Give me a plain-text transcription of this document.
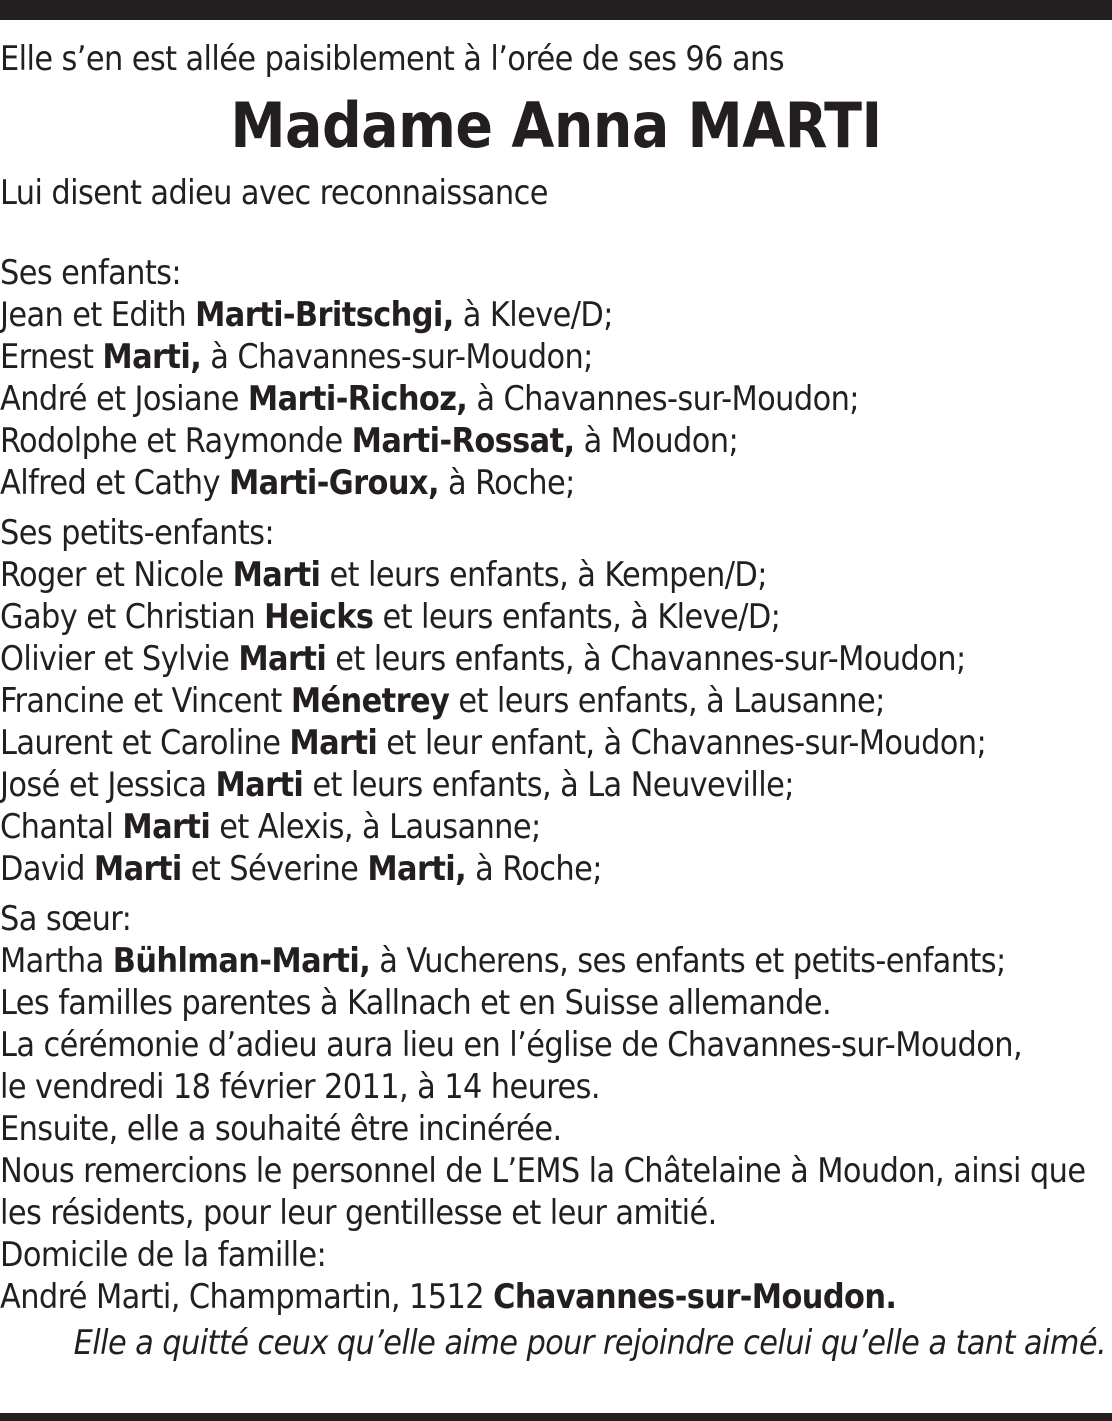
Elle s’en est allée paisiblement à l’orée de ses 96 ans
Madame Anna MARTI
Lui disent adieu avec reconnaissance
Ses enfants:
Jean et Edith Marti-Britschgi, à Kleve/D;
Ernest Marti, à Chavannes-sur-Moudon;
André et Josiane Marti-Richoz, à Chavannes-sur-Moudon;
Rodolphe et Raymonde Marti-Rossat, à Moudon;
Alfred et Cathy Marti-Groux, à Roche;
Ses petits-enfants:
Roger et Nicole Marti et leurs enfants, à Kempen/D;
Gaby et Christian Heicks et leurs enfants, à Kleve/D;
Olivier et Sylvie Marti et leurs enfants, à Chavannes-sur-Moudon;
Francine et Vincent Ménetrey et leurs enfants, à Lausanne;
Laurent et Caroline Marti et leur enfant, à Chavannes-sur-Moudon;
José et Jessica Marti et leurs enfants, à La Neuveville;
Chantal Marti et Alexis, à Lausanne;
David Marti et Séverine Marti, à Roche;
Sa sœur:
Martha Bühlman-Marti, à Vucherens, ses enfants et petits-enfants;
Les familles parentes à Kallnach et en Suisse allemande.
La cérémonie d’adieu aura lieu en l’église de Chavannes-sur-Moudon,
le vendredi 18 février 2011, à 14 heures.
Ensuite, elle a souhaité être incinérée.
Nous remercions le personnel de L’EMS la Châtelaine à Moudon, ainsi que
les résidents, pour leur gentillesse et leur amitié.
Domicile de la famille:
André Marti, Champmartin, 1512 Chavannes-sur-Moudon.
Elle a quitté ceux qu’elle aime pour rejoindre celui qu’elle a tant aimé.
